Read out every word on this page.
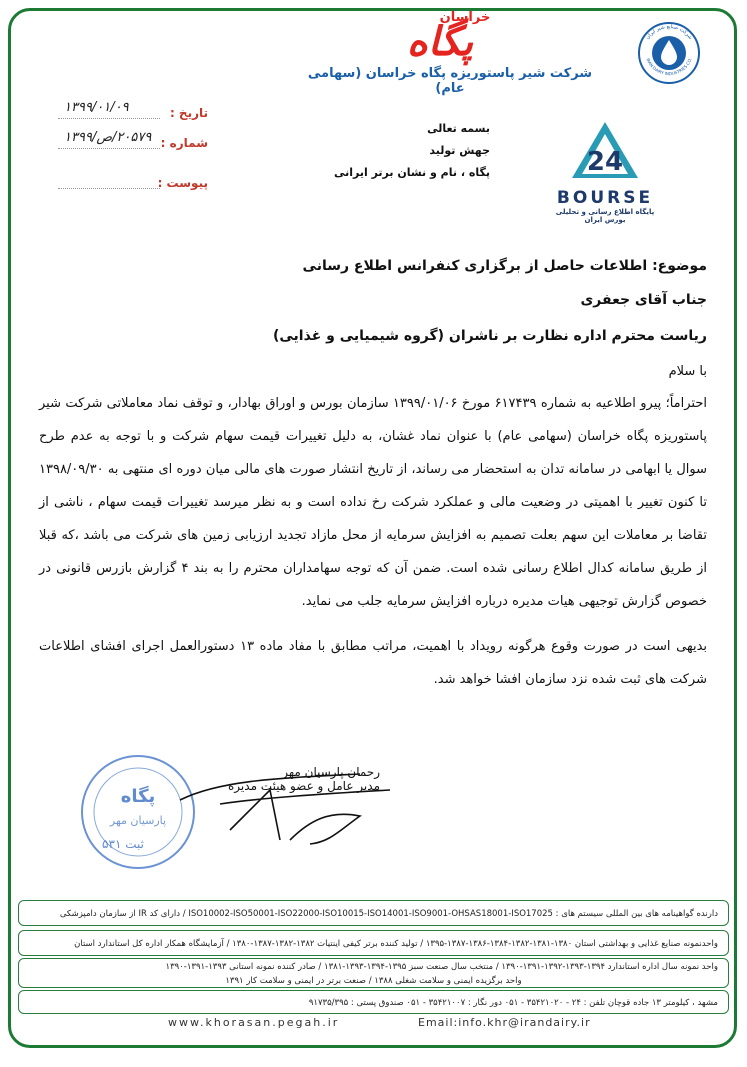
پگاه
خراسان
شرکت شیر پاستوریزه پگاه خراسان (سهامی عام)
شرکت صنایع شیر ایران
IRAN DAIRY INDUSTRIES CO.
تاریخ :
۱۳۹۹/۰۱/۰۹
شماره :
۲۰۵۷۹/ص/۱۳۹۹
پیوست :
بسمه تعالی
جهش تولید
پگاه ، نام و نشان برتر ایرانی	24
BOURSE
پایگاه اطلاع رسانی و تحلیلی بورس ایران
موضوع: اطلاعات حاصل از برگزاری کنفرانس اطلاع رسانی
جناب آقای جعفری
ریاست محترم اداره نظارت بر ناشران (گروه شیمیایی و غذایی)
با سلام
احتراماً؛ پیرو اطلاعیه به شماره ۶۱۷۴۳۹ مورخ ۱۳۹۹/۰۱/۰۶ سازمان بورس و اوراق بهادار، و توقف نماد معاملاتی شرکت شیر پاستوریزه پگاه خراسان (سهامی عام) با عنوان نماد غشان، به دلیل تغییرات قیمت سهام شرکت و با توجه به عدم طرح سوال یا ابهامی در سامانه تدان به استحضار می رساند، از تاریخ انتشار صورت های مالی میان دوره ای منتهی به ۱۳۹۸/۰۹/۳۰ تا کنون تغییر با اهمیتی در وضعیت مالی و عملکرد شرکت رخ نداده است و به نظر میرسد تغییرات قیمت سهام ، ناشی از تقاضا بر معاملات این سهم بعلت تصمیم به افزایش سرمایه از محل مازاد تجدید ارزیابی زمین های شرکت می باشد ،که قبلا از طریق سامانه کدال اطلاع رسانی شده است. ضمن آن که توجه سهامداران محترم را به بند ۴ گزارش بازرس قانونی در خصوص گزارش توجیهی هیات مدیره درباره افزایش سرمایه جلب می نماید.
بدیهی است در صورت وقوع هرگونه رویداد با اهمیت، مراتب مطابق با مفاد ماده ۱۳ دستورالعمل اجرای افشای اطلاعات شرکت های ثبت شده نزد سازمان افشا خواهد شد.
پگاه
پارسیان مهر
ثبت ۵۳۱
رحمان پارسیان مهر
مدیر عامل و عضو هیئت مدیره
دارنده گواهینامه های بین المللی سیستم های : ISO10002-ISO50001-ISO22000-ISO10015-ISO14001-ISO9001-OHSAS18001-ISO17025 / دارای کد IR از سازمان دامپزشکی
واحدنمونه صنایع غذایی و بهداشتی استان ۱۳۸۰-۱۳۸۱-۱۳۸۲-۱۳۸۴-۱۳۸۶-۱۳۸۷-۱۳۹۵ / تولید کننده برتر کیفی اینتیات ۱۳۸۲-۱۳۸۲-۱۳۸۷-۱۳۸۰ / آزمایشگاه همکار اداره کل استاندارد استان
واحد نمونه سال اداره استاندارد ۱۳۹۴-۱۳۹۳-۱۳۹۲-۱۳۹۱-۱۳۹۰ / منتخب سال صنعت سبز ۱۳۹۵-۱۳۹۴-۱۳۹۳-۱۳۸۱ / صادر کننده نمونه استانی ۱۳۹۳-۱۳۹۱-۱۳۹۰
واحد برگزیده ایمنی و سلامت شغلی ۱۳۸۸ / صنعت برتر در ایمنی و سلامت کار ۱۳۹۱
مشهد ، کیلومتر ۱۳ جاده قوچان تلفن : ۲۴ - ۳۵۴۲۱۰۲۰ - ۰۵۱ دور نگار : ۳۵۴۲۱۰۰۷ - ۰۵۱ صندوق پستی : ۹۱۷۳۵/۳۹۵
www.khorasan.pegah.ir	Email:info.khr@irandairy.ir
